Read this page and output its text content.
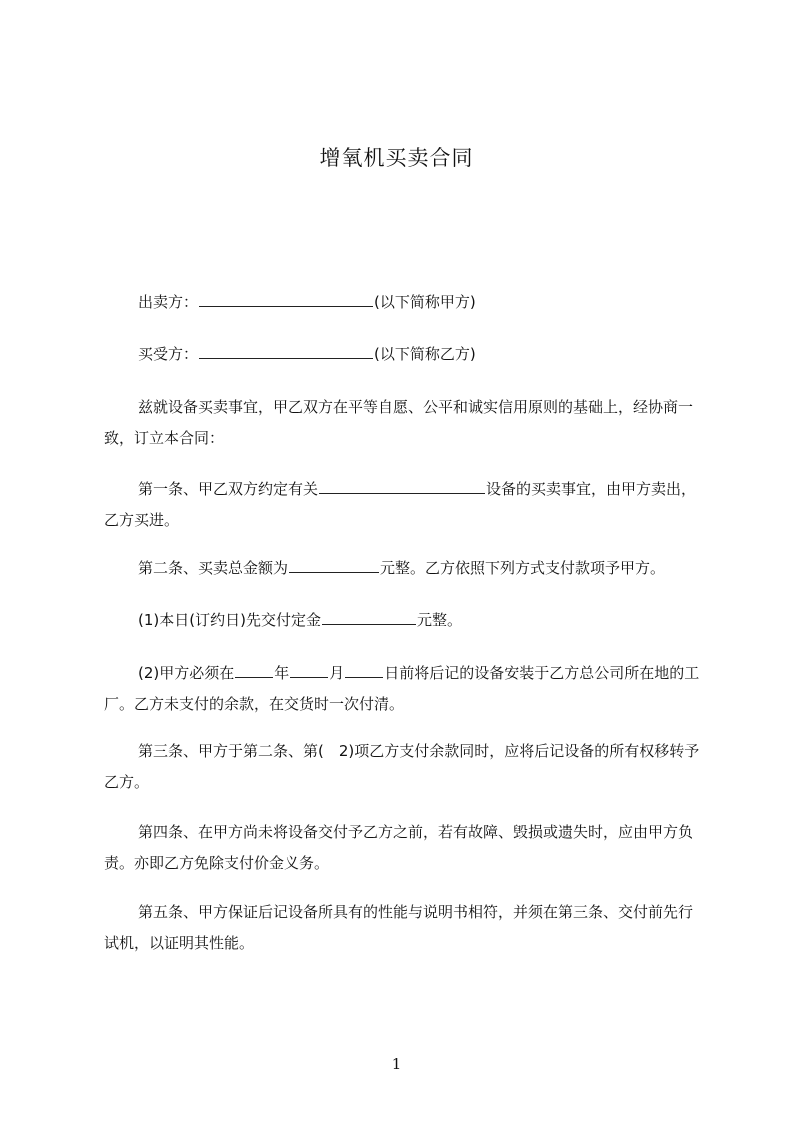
增氧机买卖合同
出卖方：	(以下简称甲方)
买受方：	(以下简称乙方)
兹就设备买卖事宜，甲乙双方在平等自愿、公平和诚实信用原则的基础上，经协商一致，订立本合同：
第一条、甲乙双方约定有关	设备的买卖事宜，由甲方卖出，乙方买进。
第二条、买卖总金额为	元整。乙方依照下列方式支付款项予甲方。
(1)本日(订约日)先交付定金	元整。
(2)甲方必须在	年	月	日前将后记的设备安装于乙方总公司所在地的工厂。乙方未支付的余款，在交货时一次付清。
第三条、甲方于第二条、第(　2)项乙方支付余款同时，应将后记设备的所有权移转予乙方。
第四条、在甲方尚未将设备交付予乙方之前，若有故障、毁损或遗失时，应由甲方负责。亦即乙方免除支付价金义务。
第五条、甲方保证后记设备所具有的性能与说明书相符，并须在第三条、交付前先行试机，以证明其性能。
1
